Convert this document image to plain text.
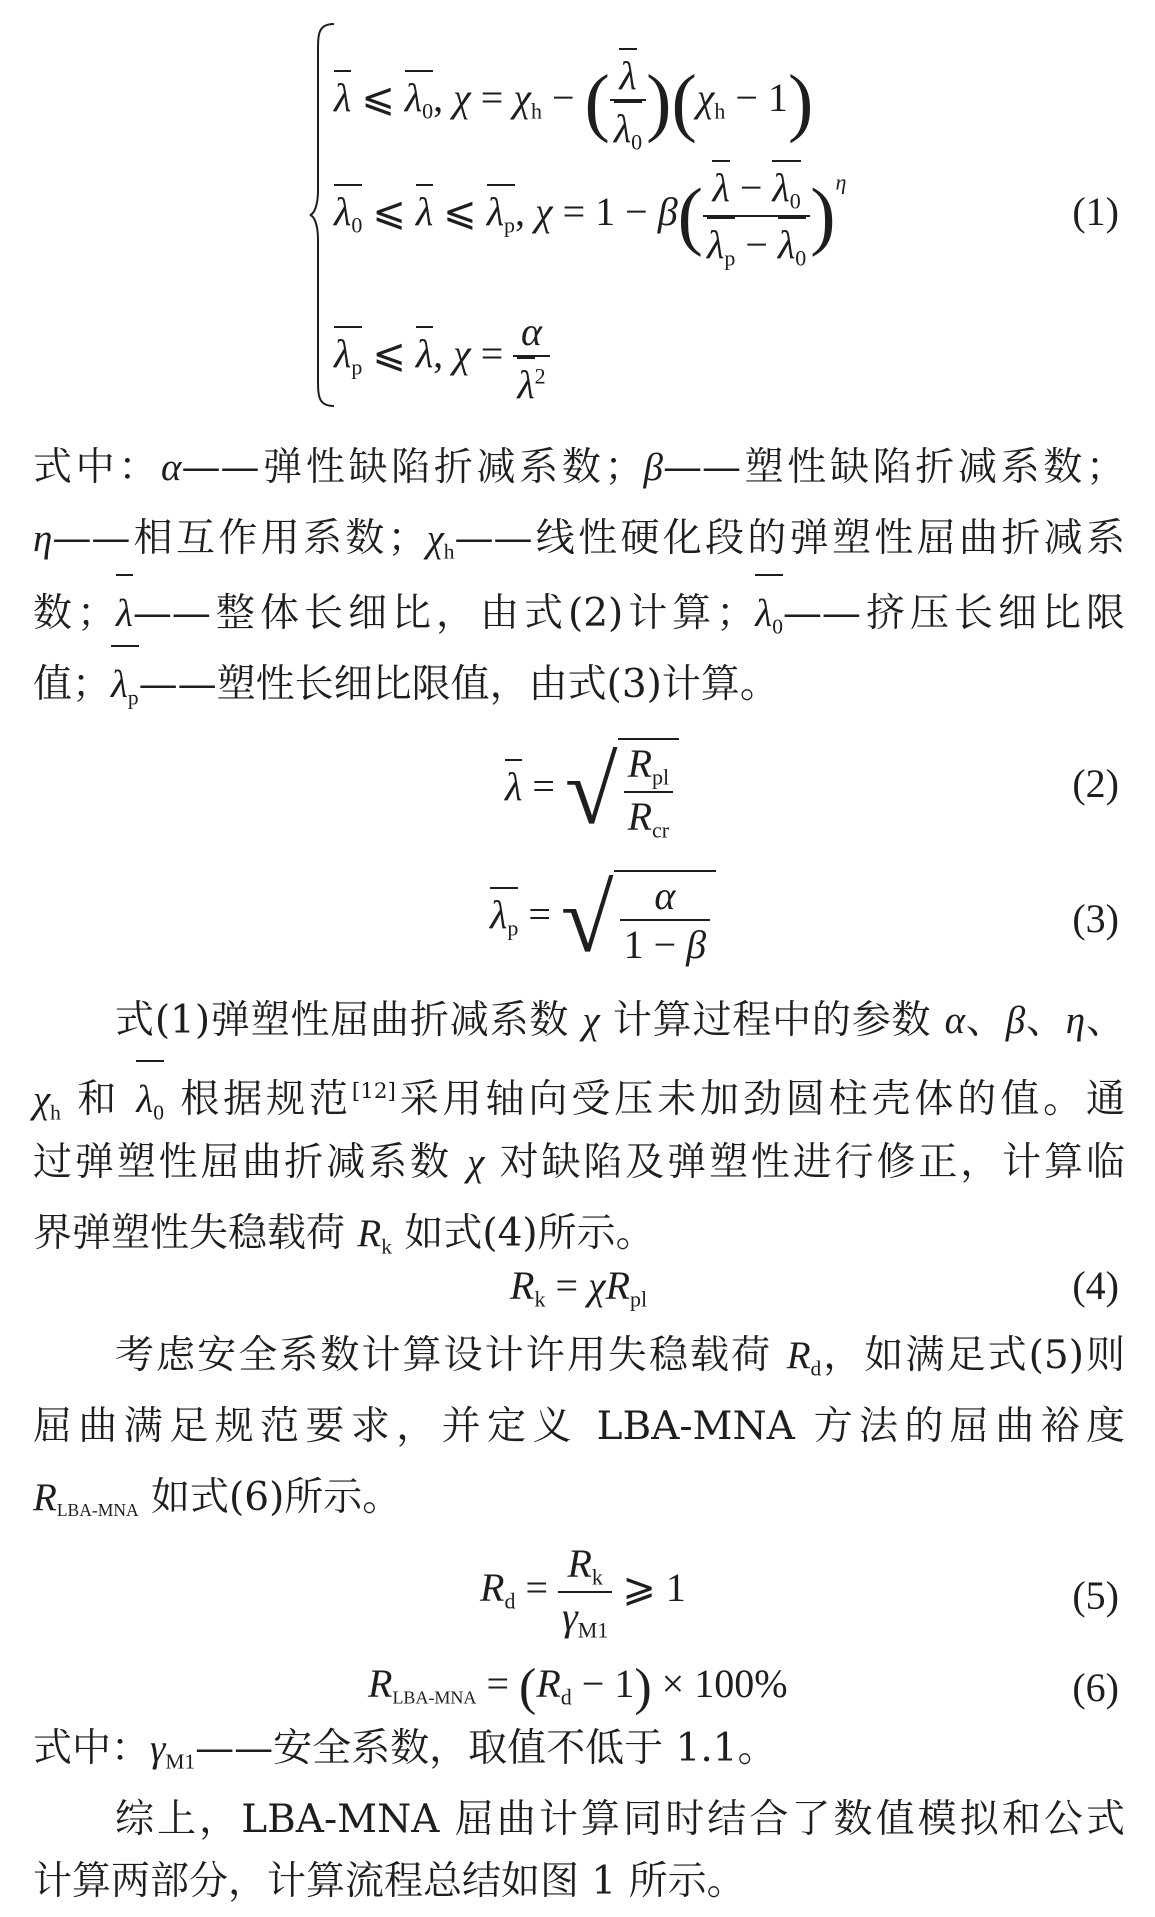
λ ⩽ $\lambda_0$, $\chi = \chi_h$ − ( $\frac{\lambda}{\lambda_0} )(\chi_h - 1)$
$\lambda_0$ ⩽ λ ⩽ $\lambda_p$, $\chi = 1 - \beta( \frac{\lambda - \lambda_0}{\lambda_p - \lambda_0} )^\eta$
$\lambda_p$ ⩽ λ, $\chi = \frac{\alpha}{\lambda^2}$
(1)
式中：α——弹性缺陷折减系数；β——塑性缺陷折减系数；
η——相互作用系数；$\chi_h——$线性硬化段的弹塑性屈曲折减系
数；λ——整体长细比，由式(2)计算；$\lambda_0——$挤压长细比限
值；$\lambda_p——$塑性长细比限值，由式(3)计算。
λ = √ $\frac{R_{pl}}{R_{cr}}$	(2)
$\lambda_p$ = √ $\frac{\alpha}{1 - \beta}$	(3)
式(1)弹塑性屈曲折减系数 χ 计算过程中的参数 α、β、η、
$\chi_h$ 和 $\lambda_0$ 根据规范[12]采用轴向受压未加劲圆柱壳体的值。通
过弹塑性屈曲折减系数 χ 对缺陷及弹塑性进行修正，计算临
界弹塑性失稳载荷 $R_k$ 如式(4)所示。
$R_k = \chi R_{pl}$	(4)
考虑安全系数计算设计许用失稳载荷 $R_d$，如满足式(5)则
屈曲满足规范要求，并定义 LBA-MNA 方法的屈曲裕度
$R_{LBA-MNA}$ 如式(6)所示。
$R_d = \frac{R_k}{\gamma_{M1}}$ ⩾ 1	(5)
$R_{LBA-MNA} = (R_d - 1) \times 100\%$	(6)
式中：$\gamma_{M1}——$安全系数，取值不低于 1.1。
综上，LBA-MNA 屈曲计算同时结合了数值模拟和公式
计算两部分，计算流程总结如图 1 所示。
